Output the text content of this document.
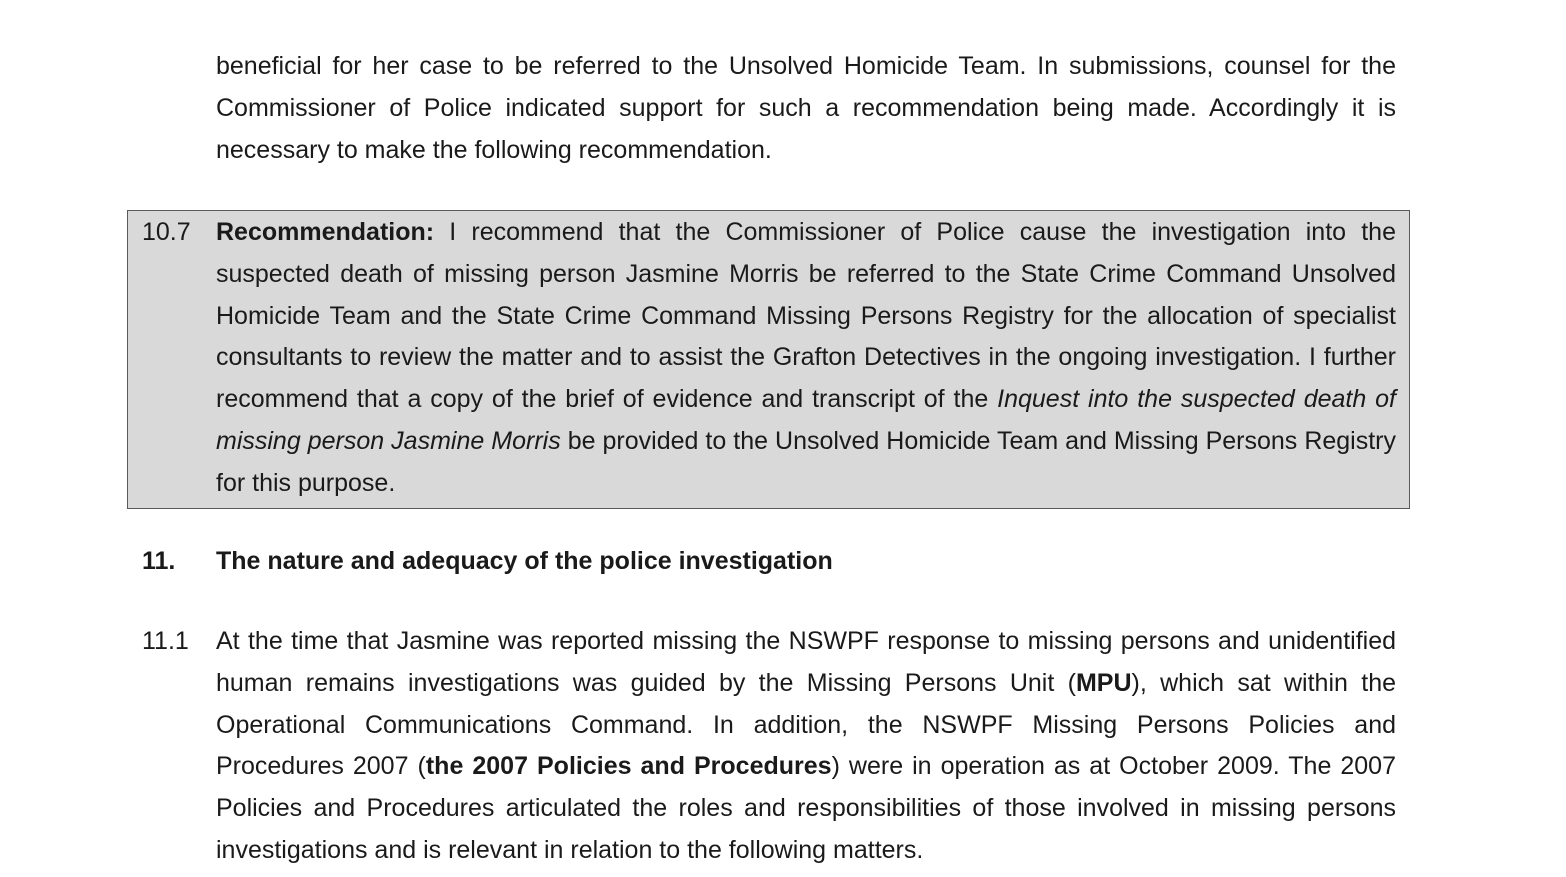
beneficial for her case to be referred to the Unsolved Homicide Team. In submissions, counsel for the Commissioner of Police indicated support for such a recommendation being made. Accordingly it is necessary to make the following recommendation.

10.7 Recommendation: I recommend that the Commissioner of Police cause the investigation into the suspected death of missing person Jasmine Morris be referred to the State Crime Command Unsolved Homicide Team and the State Crime Command Missing Persons Registry for the allocation of specialist consultants to review the matter and to assist the Grafton Detectives in the ongoing investigation. I further recommend that a copy of the brief of evidence and transcript of the Inquest into the suspected death of missing person Jasmine Morris be provided to the Unsolved Homicide Team and Missing Persons Registry for this purpose.

11. The nature and adequacy of the police investigation
11.1 At the time that Jasmine was reported missing the NSWPF response to missing persons and unidentified human remains investigations was guided by the Missing Persons Unit (MPU), which sat within the Operational Communications Command. In addition, the NSWPF Missing Persons Policies and Procedures 2007 (the 2007 Policies and Procedures) were in operation as at October 2009. The 2007 Policies and Procedures articulated the roles and responsibilities of those involved in missing persons investigations and is relevant in relation to the following matters.
